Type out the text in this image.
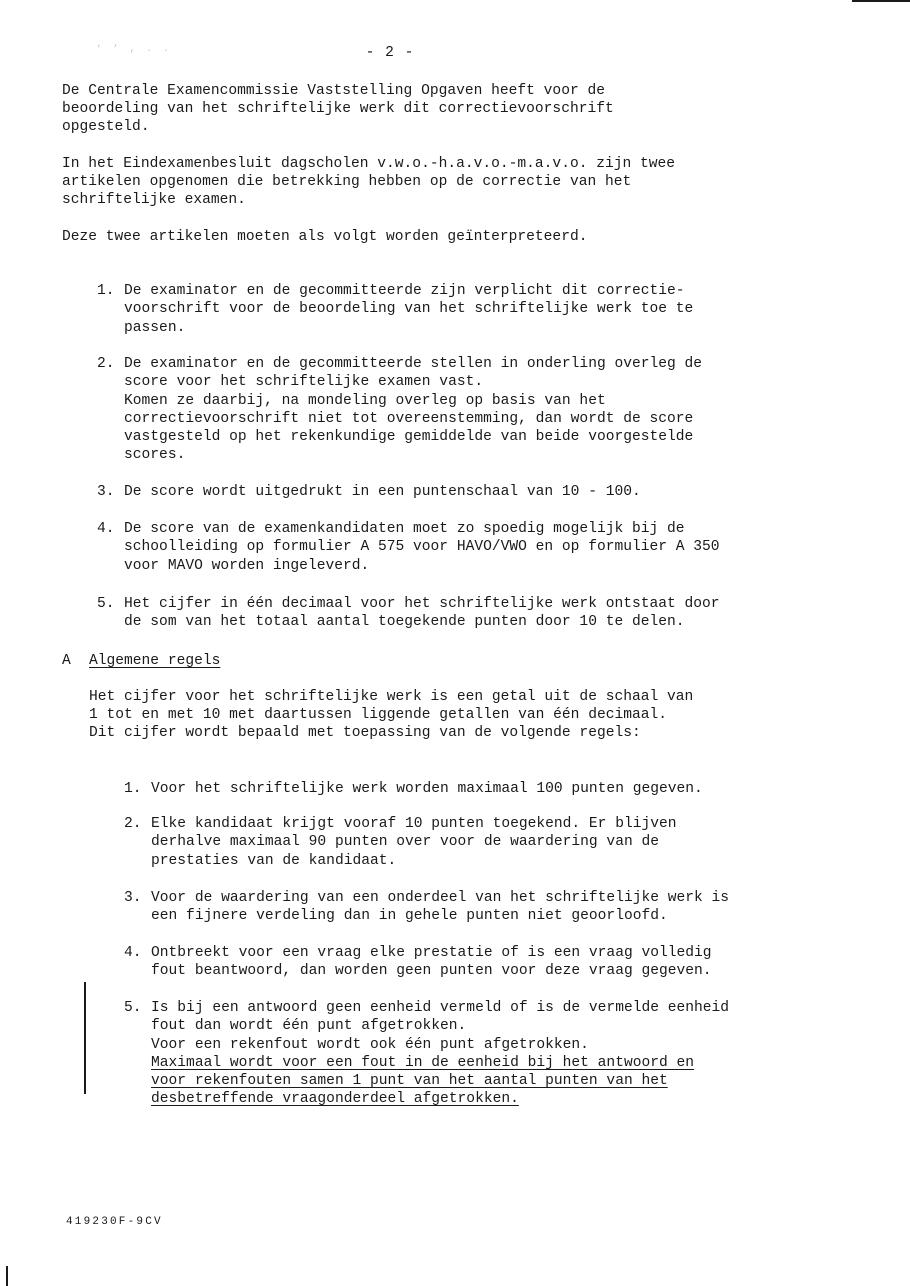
‘ ’ , . .	- 2 -

De Centrale Examencommissie Vaststelling Opgaven heeft voor de
beoordeling van het schriftelijke werk dit correctievoorschrift
opgesteld.

In het Eindexamenbesluit dagscholen v.w.o.-h.a.v.o.-m.a.v.o. zijn twee
artikelen opgenomen die betrekking hebben op de correctie van het
schriftelijke examen.

Deze twee artikelen moeten als volgt worden geïnterpreteerd.

1. De examinator en de gecommitteerde zijn verplicht dit correctie-
voorschrift voor de beoordeling van het schriftelijke werk toe te
passen.

2. De examinator en de gecommitteerde stellen in onderling overleg de
score voor het schriftelijke examen vast.
Komen ze daarbij, na mondeling overleg op basis van het
correctievoorschrift niet tot overeenstemming, dan wordt de score
vastgesteld op het rekenkundige gemiddelde van beide voorgestelde
scores.

3. De score wordt uitgedrukt in een puntenschaal van 10 - 100.

4. De score van de examenkandidaten moet zo spoedig mogelijk bij de
schoolleiding op formulier A 575 voor HAVO/VWO en op formulier A 350
voor MAVO worden ingeleverd.

5. Het cijfer in één decimaal voor het schriftelijke werk ontstaat door
de som van het totaal aantal toegekende punten door 10 te delen.

A Algemene regels

Het cijfer voor het schriftelijke werk is een getal uit de schaal van
1 tot en met 10 met daartussen liggende getallen van één decimaal.
Dit cijfer wordt bepaald met toepassing van de volgende regels:

1. Voor het schriftelijke werk worden maximaal 100 punten gegeven.

2. Elke kandidaat krijgt vooraf 10 punten toegekend. Er blijven
derhalve maximaal 90 punten over voor de waardering van de
prestaties van de kandidaat.

3. Voor de waardering van een onderdeel van het schriftelijke werk is
een fijnere verdeling dan in gehele punten niet geoorloofd.

4. Ontbreekt voor een vraag elke prestatie of is een vraag volledig
fout beantwoord, dan worden geen punten voor deze vraag gegeven.

5. Is bij een antwoord geen eenheid vermeld of is de vermelde eenheid
fout dan wordt één punt afgetrokken.
Voor een rekenfout wordt ook één punt afgetrokken.
Maximaal wordt voor een fout in de eenheid bij het antwoord en
voor rekenfouten samen 1 punt van het aantal punten van het
desbetreffende vraagonderdeel afgetrokken.

419230F-9CV
